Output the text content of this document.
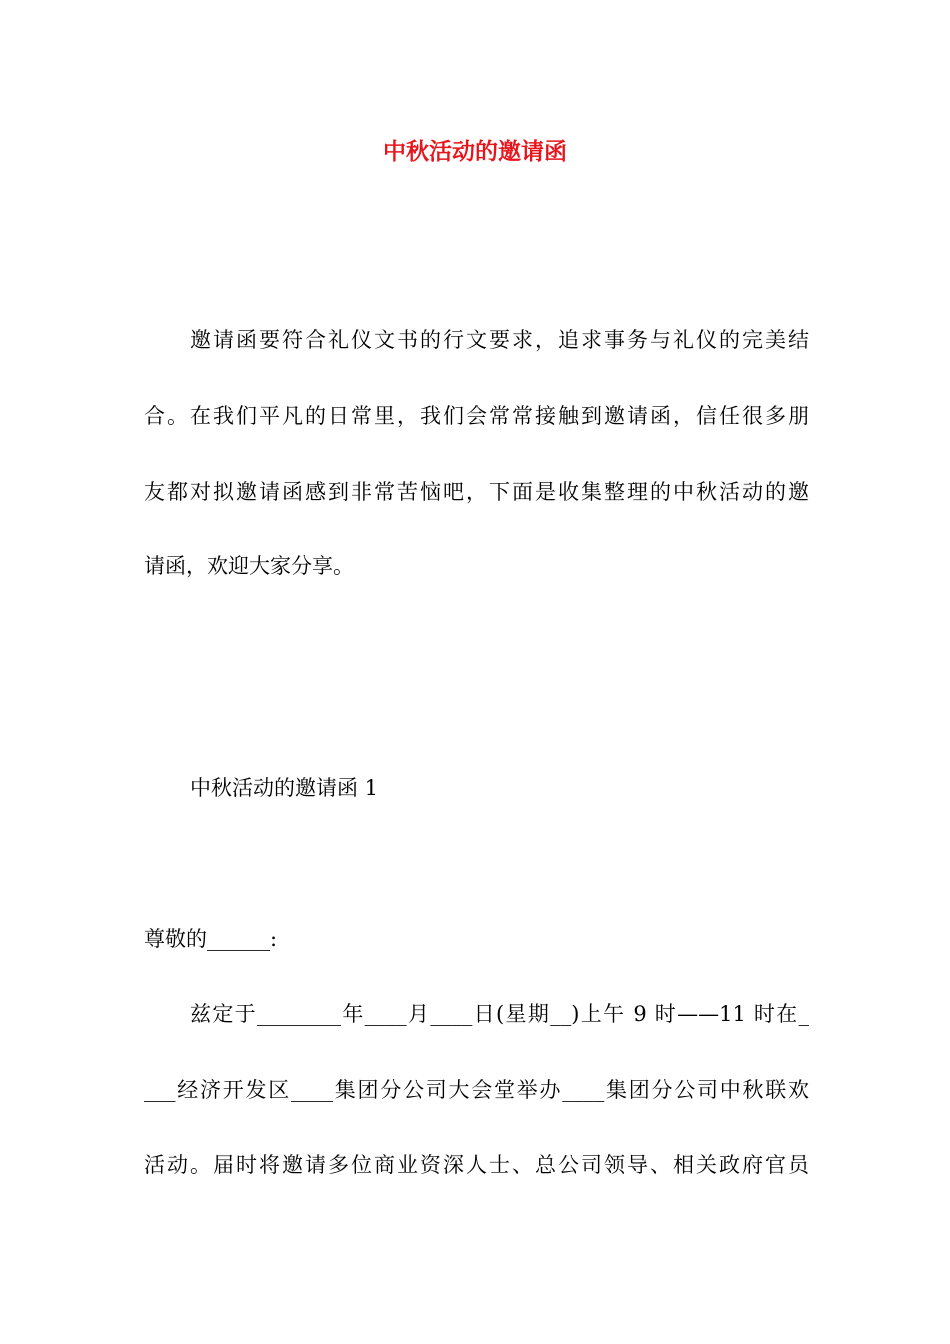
中秋活动的邀请函

邀请函要符合礼仪文书的行文要求，追求事务与礼仪的完美结

合。在我们平凡的日常里，我们会常常接触到邀请函，信任很多朋

友都对拟邀请函感到非常苦恼吧，下面是收集整理的中秋活动的邀

请函，欢迎大家分享。

中秋活动的邀请函 1

尊敬的______:

兹定于________年____月____日(星期__)上午 9 时——11 时在_

___经济开发区____集团分公司大会堂举办____集团分公司中秋联欢

活动。届时将邀请多位商业资深人士、总公司领导、相关政府官员
